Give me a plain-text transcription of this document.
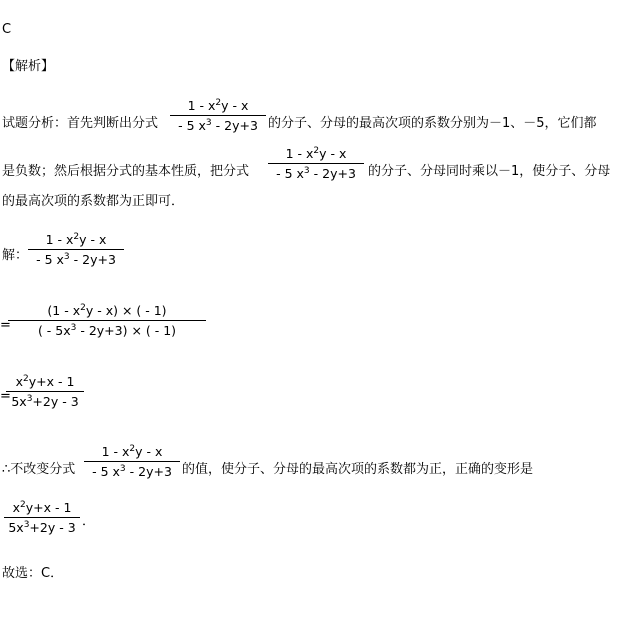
C
【解析】
试题分析：首先判断出分式
$1 - x^2y$ - x
- 5 $x^3 - 2y+3$ 的分子、分母的最高次项的系数分别为－1、－5，它们都
是负数；然后根据分式的基本性质，把分式
$1 - x^2y$ - x
- 5 $x^3 - 2y+3$ 的分子、分母同时乘以－1，使分子、分母
的最高次项的系数都为正即可．
解：
$1 - x^2y$ - x
- 5 $x^3 - 2y+3$
=
$(1 - x^2y - x)$ × ( - 1)
( - $5x^3 - 2y+3$) × ( - 1)
=
$x^2y+x - 1$
$5x^3+2y - 3$
∴不改变分式
$1 - x^2y$ - x
- 5 $x^3 - 2y+3$ 的值，使分子、分母的最高次项的系数都为正，正确的变形是
$x^2y+x - 1$
$5x^3+2y - 3$ ．
故选：C．
